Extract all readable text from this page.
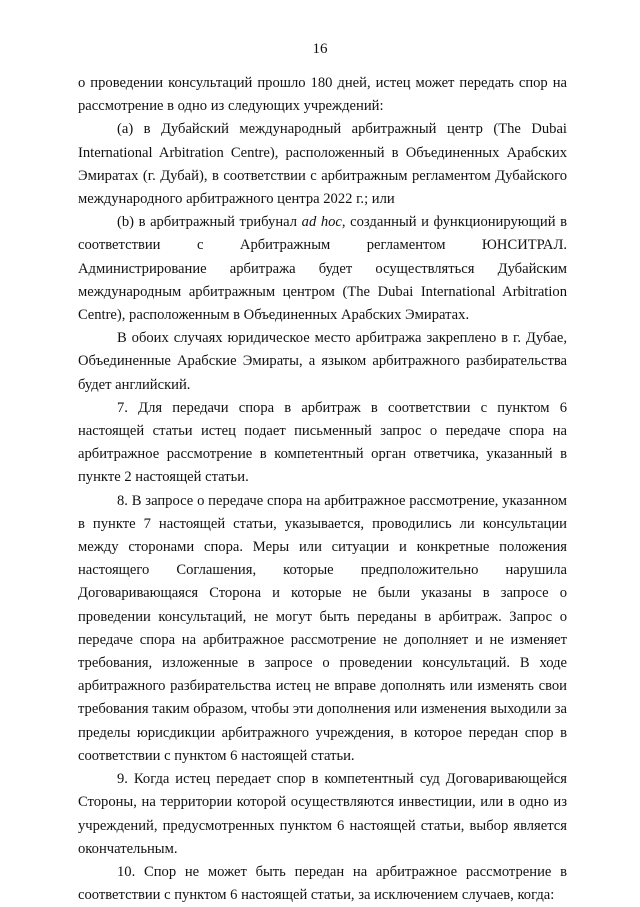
16

о проведении консультаций прошло 180 дней, истец может передать спор на рассмотрение в одно из следующих учреждений:

(a) в Дубайский международный арбитражный центр (The Dubai International Arbitration Centre), расположенный в Объединенных Арабских Эмиратах (г. Дубай), в соответствии с арбитражным регламентом Дубайского международного арбитражного центра 2022 г.; или

(b) в арбитражный трибунал ad hoc, созданный и функционирующий в соответствии с Арбитражным регламентом ЮНСИТРАЛ. Администрирование арбитража будет осуществляться Дубайским международным арбитражным центром (The Dubai International Arbitration Centre), расположенным в Объединенных Арабских Эмиратах.

В обоих случаях юридическое место арбитража закреплено в г. Дубае, Объединенные Арабские Эмираты, а языком арбитражного разбирательства будет английский.

7. Для передачи спора в арбитраж в соответствии с пунктом 6 настоящей статьи истец подает письменный запрос о передаче спора на арбитражное рассмотрение в компетентный орган ответчика, указанный в пункте 2 настоящей статьи.

8. В запросе о передаче спора на арбитражное рассмотрение, указанном в пункте 7 настоящей статьи, указывается, проводились ли консультации между сторонами спора. Меры или ситуации и конкретные положения настоящего Соглашения, которые предположительно нарушила Договаривающаяся Сторона и которые не были указаны в запросе о проведении консультаций, не могут быть переданы в арбитраж. Запрос о передаче спора на арбитражное рассмотрение не дополняет и не изменяет требования, изложенные в запросе о проведении консультаций. В ходе арбитражного разбирательства истец не вправе дополнять или изменять свои требования таким образом, чтобы эти дополнения или изменения выходили за пределы юрисдикции арбитражного учреждения, в которое передан спор в соответствии с пунктом 6 настоящей статьи.

9. Когда истец передает спор в компетентный суд Договаривающейся Стороны, на территории которой осуществляются инвестиции, или в одно из учреждений, предусмотренных пунктом 6 настоящей статьи, выбор является окончательным.

10. Спор не может быть передан на арбитражное рассмотрение в соответствии с пунктом 6 настоящей статьи, за исключением случаев, когда:
